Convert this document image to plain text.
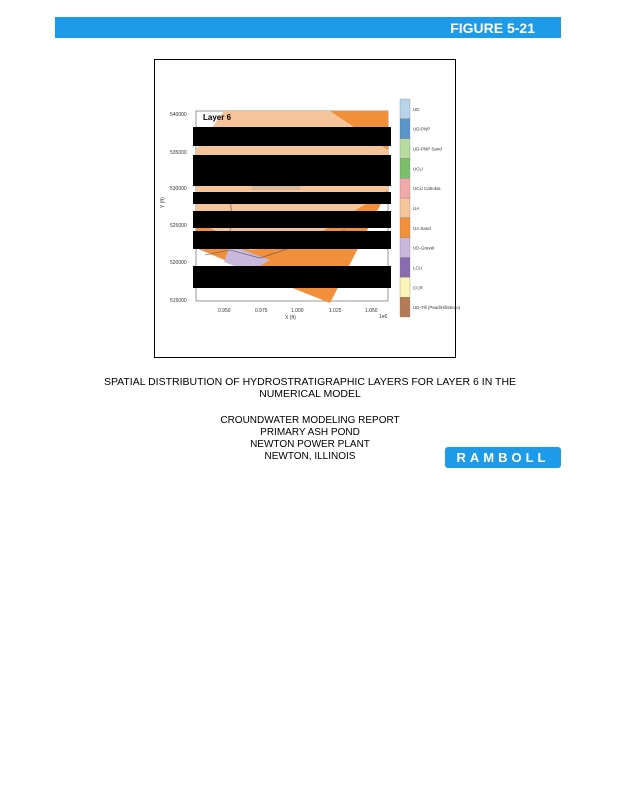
FIGURE 5-21
Layer 6
540000
535000
530000
525000
520000
515000
Y (ft)
0.950	0.975	1.000	1.025	1.050
1e6
X (ft)
UD
UD-PNP
UD-PNP Sand
UCU
UCU Cahokia
UA
UA Sand
UD-Gravel
LCU
CCR
UD-Till (Pearl/Hillsboro)
SPATIAL DISTRIBUTION OF HYDROSTRATIGRAPHIC LAYERS FOR LAYER 6 IN THE
NUMERICAL MODEL
CROUNDWATER MODELING REPORT
PRIMARY ASH POND
NEWTON POWER PLANT
NEWTON, ILLINOIS	RAMBOLL
